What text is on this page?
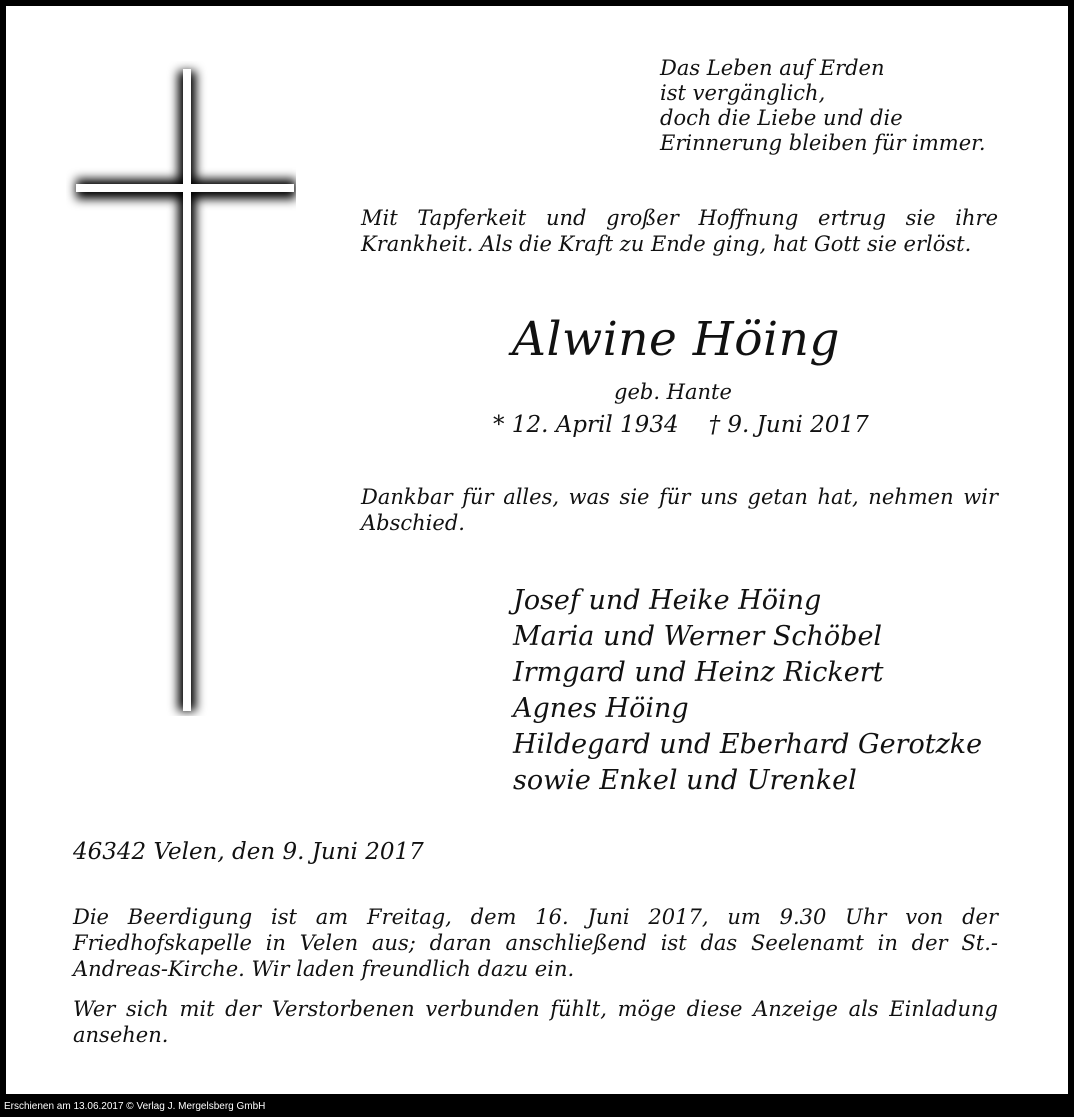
Das Leben auf Erden
ist vergänglich,
doch die Liebe und die
Erinnerung bleiben für immer.
Mit Tapferkeit und großer Hoffnung ertrug sie ihre Krankheit. Als die Kraft zu Ende ging, hat Gott sie erlöst.
Alwine Höing
geb. Hante
* 12. April 1934 † 9. Juni 2017
Dankbar für alles, was sie für uns getan hat, nehmen wir Abschied.
Josef und Heike Höing
Maria und Werner Schöbel
Irmgard und Heinz Rickert
Agnes Höing
Hildegard und Eberhard Gerotzke
sowie Enkel und Urenkel
46342 Velen, den 9. Juni 2017
Die Beerdigung ist am Freitag, dem 16. Juni 2017, um 9.30 Uhr von der Friedhofskapelle in Velen aus; daran anschließend ist das Seelenamt in der St.-Andreas-Kirche. Wir laden freundlich dazu ein.
Wer sich mit der Verstorbenen verbunden fühlt, möge diese Anzeige als Einladung ansehen.
Erschienen am 13.06.2017 © Verlag J. Mergelsberg GmbH
